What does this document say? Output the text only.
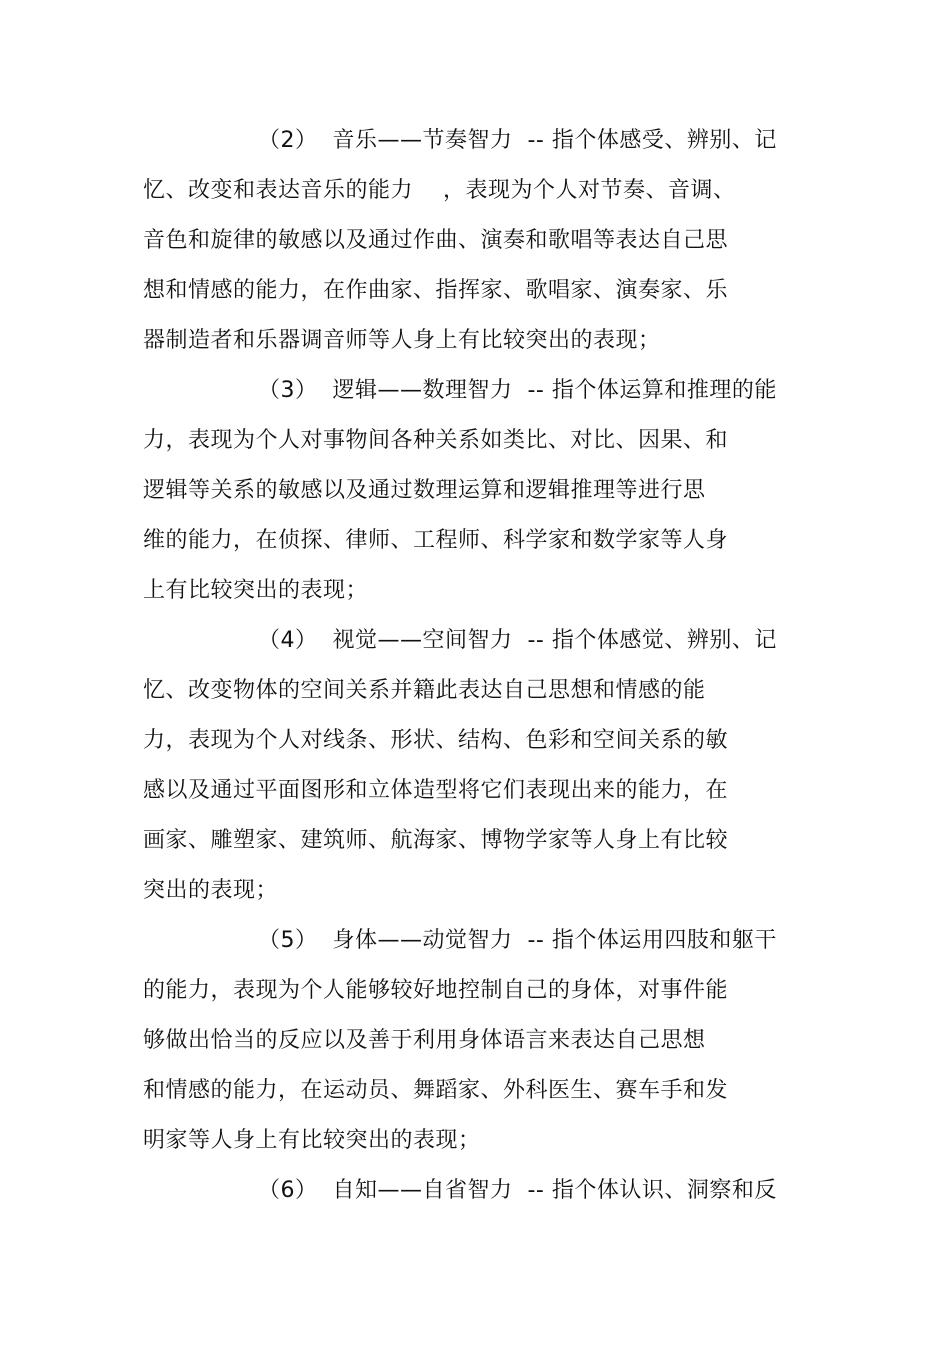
（2）  音乐——节奏智力  -- 指个体感受、辨别、记
忆、改变和表达音乐的能力    ，表现为个人对节奏、音调、
音色和旋律的敏感以及通过作曲、演奏和歌唱等表达自己思
想和情感的能力，在作曲家、指挥家、歌唱家、演奏家、乐
器制造者和乐器调音师等人身上有比较突出的表现；
（3）  逻辑——数理智力  -- 指个体运算和推理的能
力，表现为个人对事物间各种关系如类比、对比、因果、和
逻辑等关系的敏感以及通过数理运算和逻辑推理等进行思
维的能力，在侦探、律师、工程师、科学家和数学家等人身
上有比较突出的表现；
（4）  视觉——空间智力  -- 指个体感觉、辨别、记
忆、改变物体的空间关系并籍此表达自己思想和情感的能
力，表现为个人对线条、形状、结构、色彩和空间关系的敏
感以及通过平面图形和立体造型将它们表现出来的能力，在
画家、雕塑家、建筑师、航海家、博物学家等人身上有比较
突出的表现；
（5）  身体——动觉智力  -- 指个体运用四肢和躯干
的能力，表现为个人能够较好地控制自己的身体，对事件能
够做出恰当的反应以及善于利用身体语言来表达自己思想
和情感的能力，在运动员、舞蹈家、外科医生、赛车手和发
明家等人身上有比较突出的表现；
（6）  自知——自省智力  -- 指个体认识、洞察和反
